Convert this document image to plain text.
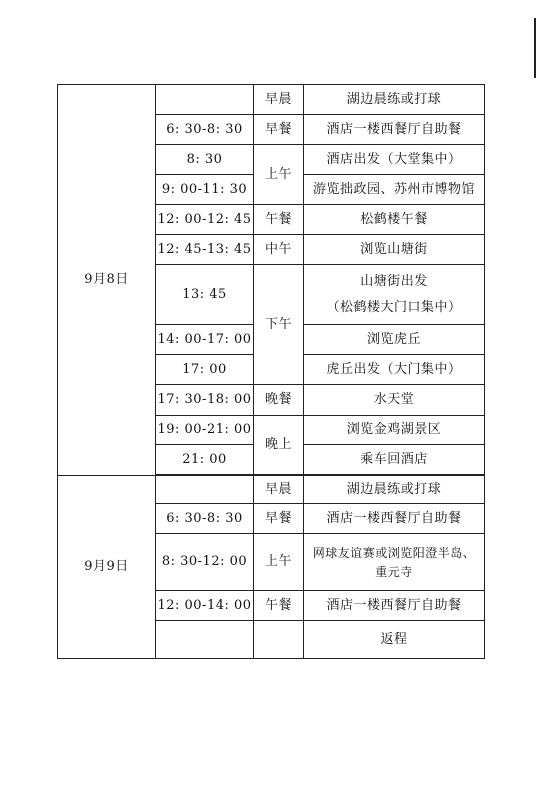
9月8日		早晨	湖边晨练或打球
	6: 30-8: 30	早餐	酒店一楼西餐厅自助餐
	8: 30	上午	酒店出发（大堂集中）
	9: 00-11: 30		游览拙政园、苏州市博物馆
	12: 00-12: 45	午餐	松鹤楼午餐
	12: 45-13: 45	中午	浏览山塘街
	13: 45	下午	山塘街出发
（松鹤楼大门口集中）

	14: 00-17: 00		浏览虎丘
	17: 00		虎丘出发（大门集中）
	17: 30-18: 00	晚餐	水天堂
	19: 00-21: 00	晚上	浏览金鸡湖景区
	21: 00		乘车回酒店

9月9日		早晨	湖边晨练或打球
	6: 30-8: 30	早餐	酒店一楼西餐厅自助餐
	8: 30-12: 00	上午	网球友谊赛或浏览阳澄半岛、
重元寺

	12: 00-14: 00	午餐	酒店一楼西餐厅自助餐
			返程
